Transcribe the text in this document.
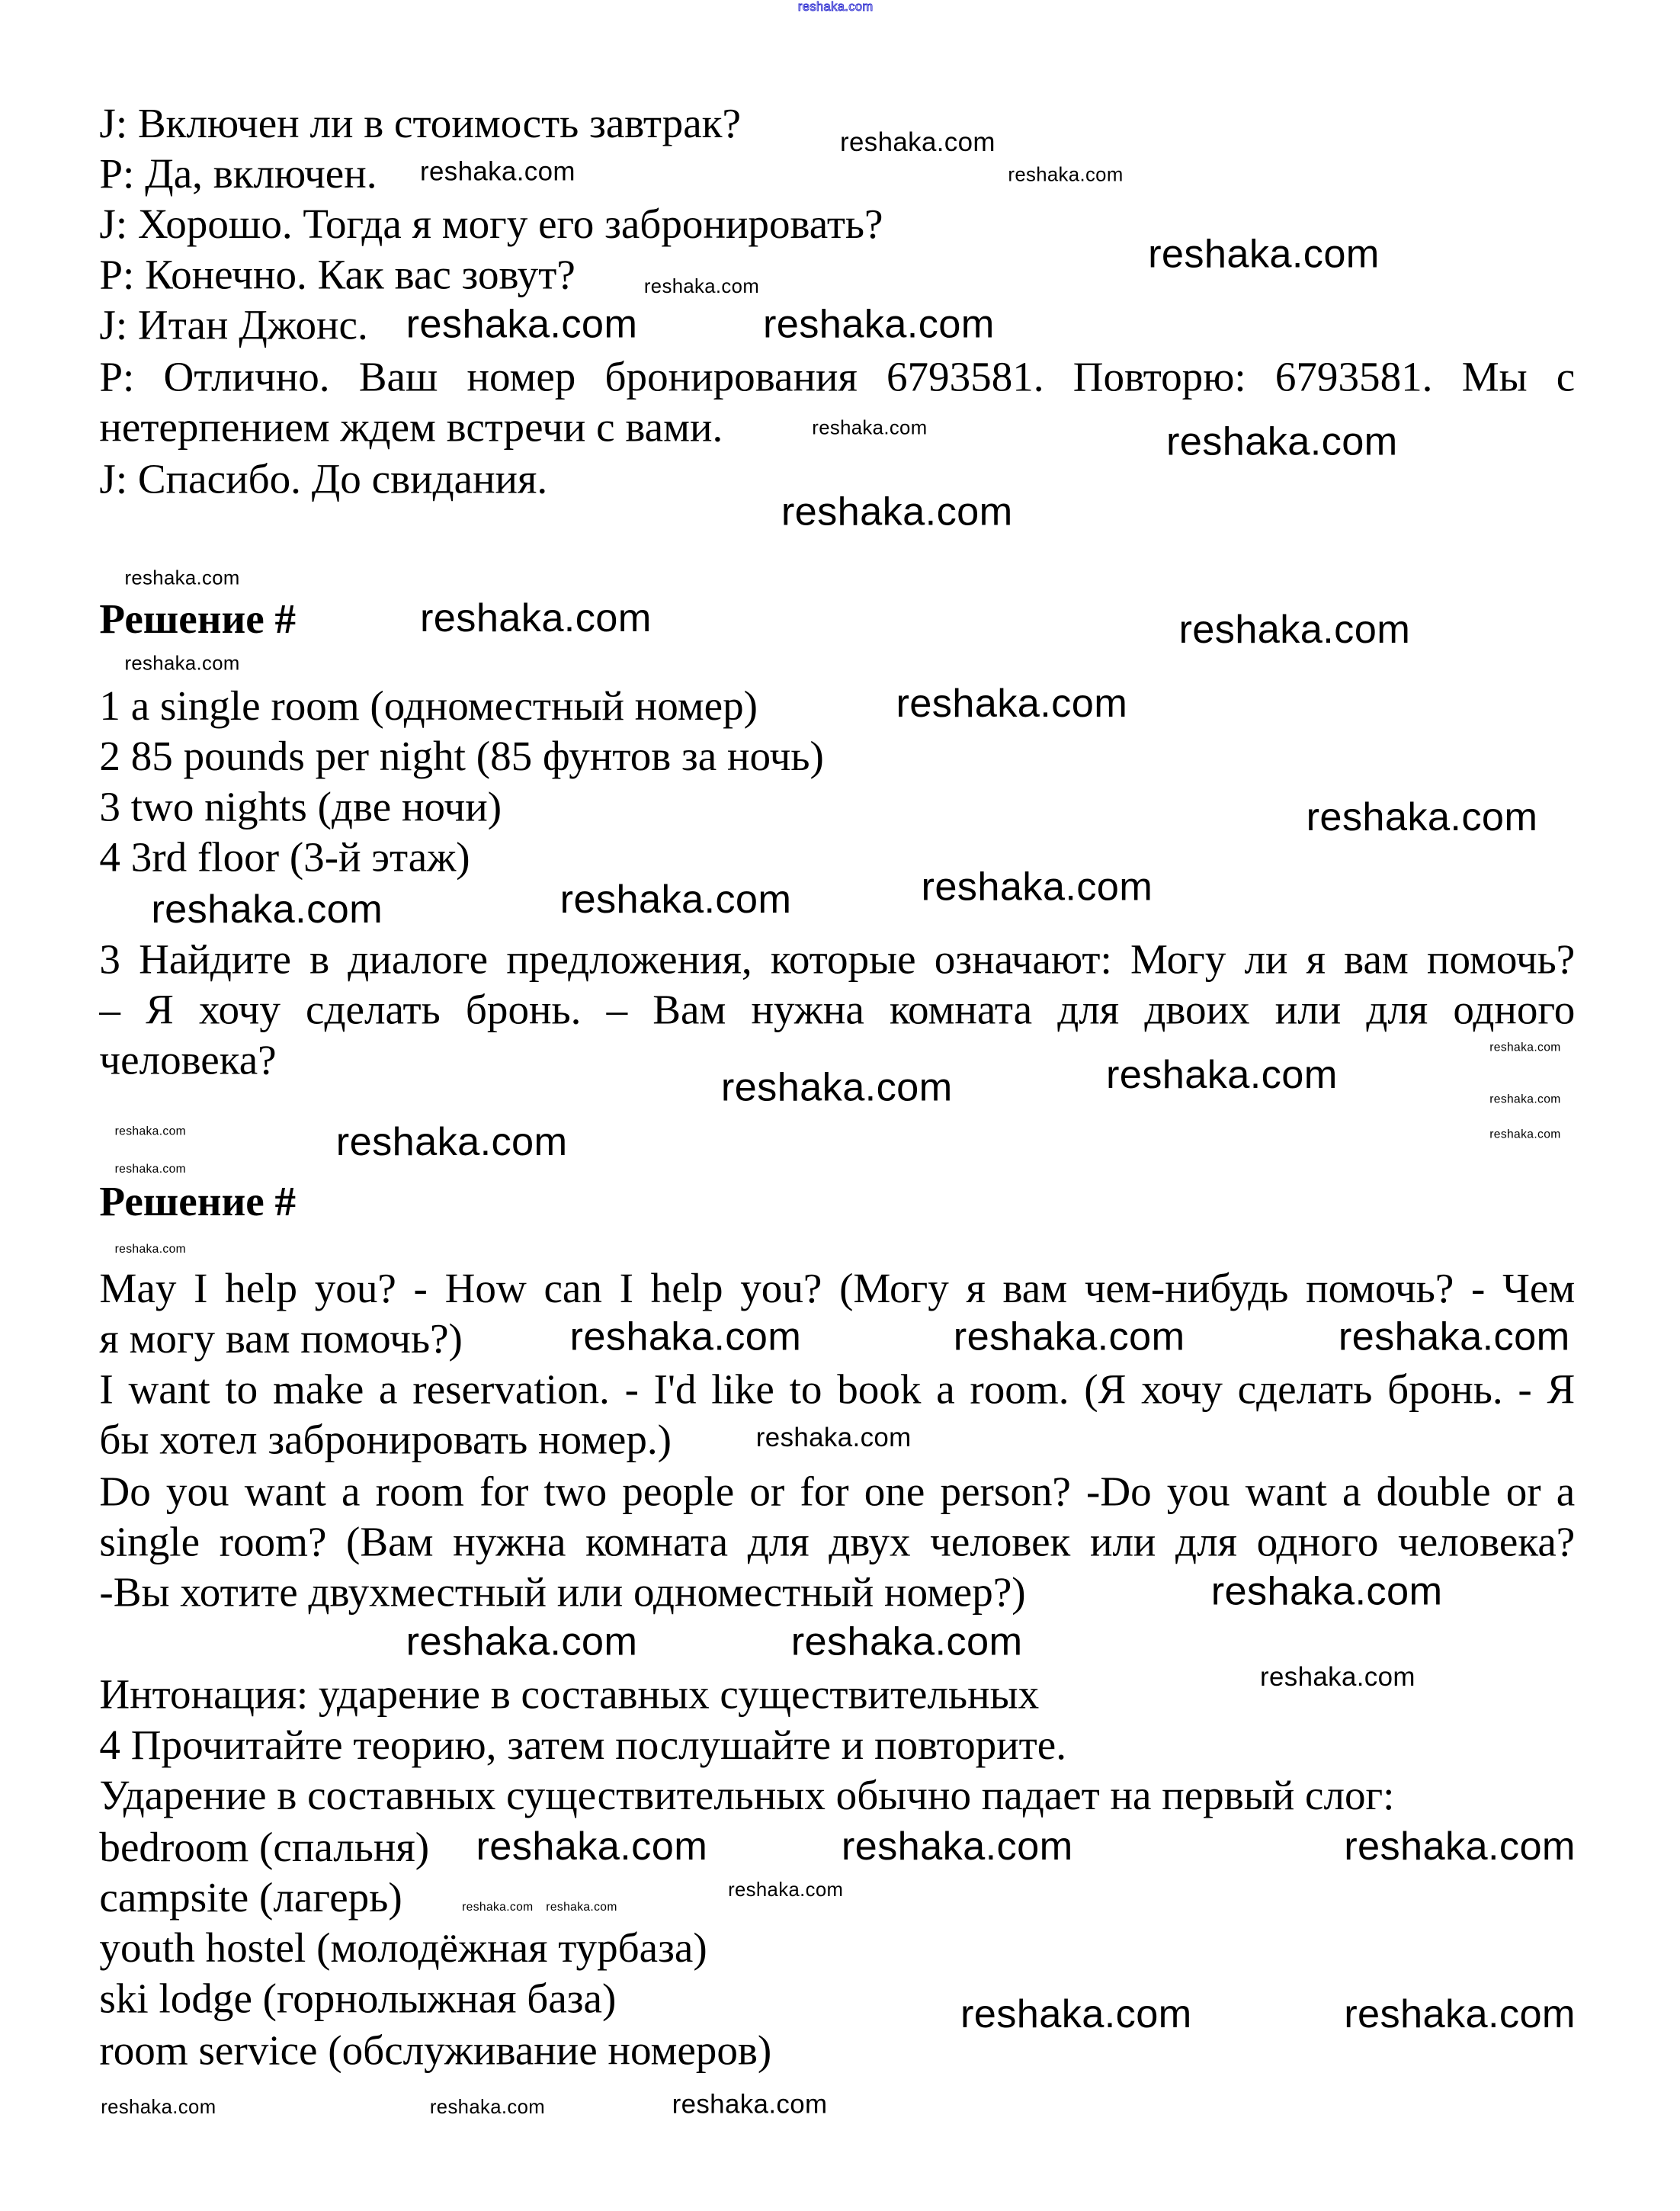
J: Включен ли в стоимость завтрак?
P: Да, включен.
J: Хорошо. Тогда я могу его забронировать?
P: Конечно. Как вас зовут?
J: Итан Джонс.
P: Отлично. Ваш номер бронирования 6793581. Повторю: 6793581. Мы с
нетерпением ждем встречи с вами.
J: Спасибо. До свидания.
Решение #
1 a single room (одноместный номер)
2 85 pounds per night (85 фунтов за ночь)
3 two nights (две ночи)
4 3rd floor (3-й этаж)
3 Найдите в диалоге предложения, которые означают: Могу ли я вам помочь?
– Я хочу сделать бронь. – Вам нужна комната для двоих или для одного
человека?
Решение #
May I help you? - How can I help you? (Могу я вам чем-нибудь помочь? - Чем
я могу вам помочь?)
I want to make a reservation. - I'd like to book a room. (Я хочу сделать бронь. - Я
бы хотел забронировать номер.)
Do you want a room for two people or for one person? -Do you want a double or a
single room? (Вам нужна комната для двух человек или для одного человека?
-Вы хотите двухместный или одноместный номер?)
Интонация: ударение в составных существительных
4 Прочитайте теорию, затем послушайте и повторите.
Ударение в составных существительных обычно падает на первый слог:
bedroom (спальня)
campsite (лагерь)
youth hostel (молодёжная турбаза)
ski lodge (горнолыжная база)
room service (обслуживание номеров)
reshaka.com
reshaka.com
reshaka.com	reshaka.com
reshaka.com
reshaka.com
reshaka.com	reshaka.com
reshaka.com	reshaka.com
reshaka.com
reshaka.com
reshaka.com	reshaka.com
reshaka.com
reshaka.com
reshaka.com
reshaka.com	reshaka.com
reshaka.com
reshaka.com
reshaka.com
reshaka.com
reshaka.com	reshaka.com
reshaka.com	reshaka.com
reshaka.com
reshaka.com
reshaka.com	reshaka.com	reshaka.com
reshaka.com
reshaka.com
reshaka.com	reshaka.com
reshaka.com
reshaka.com	reshaka.com	reshaka.com
reshaka.com
reshaka.com reshaka.com
reshaka.com	reshaka.com
reshaka.com	reshaka.com	reshaka.com
